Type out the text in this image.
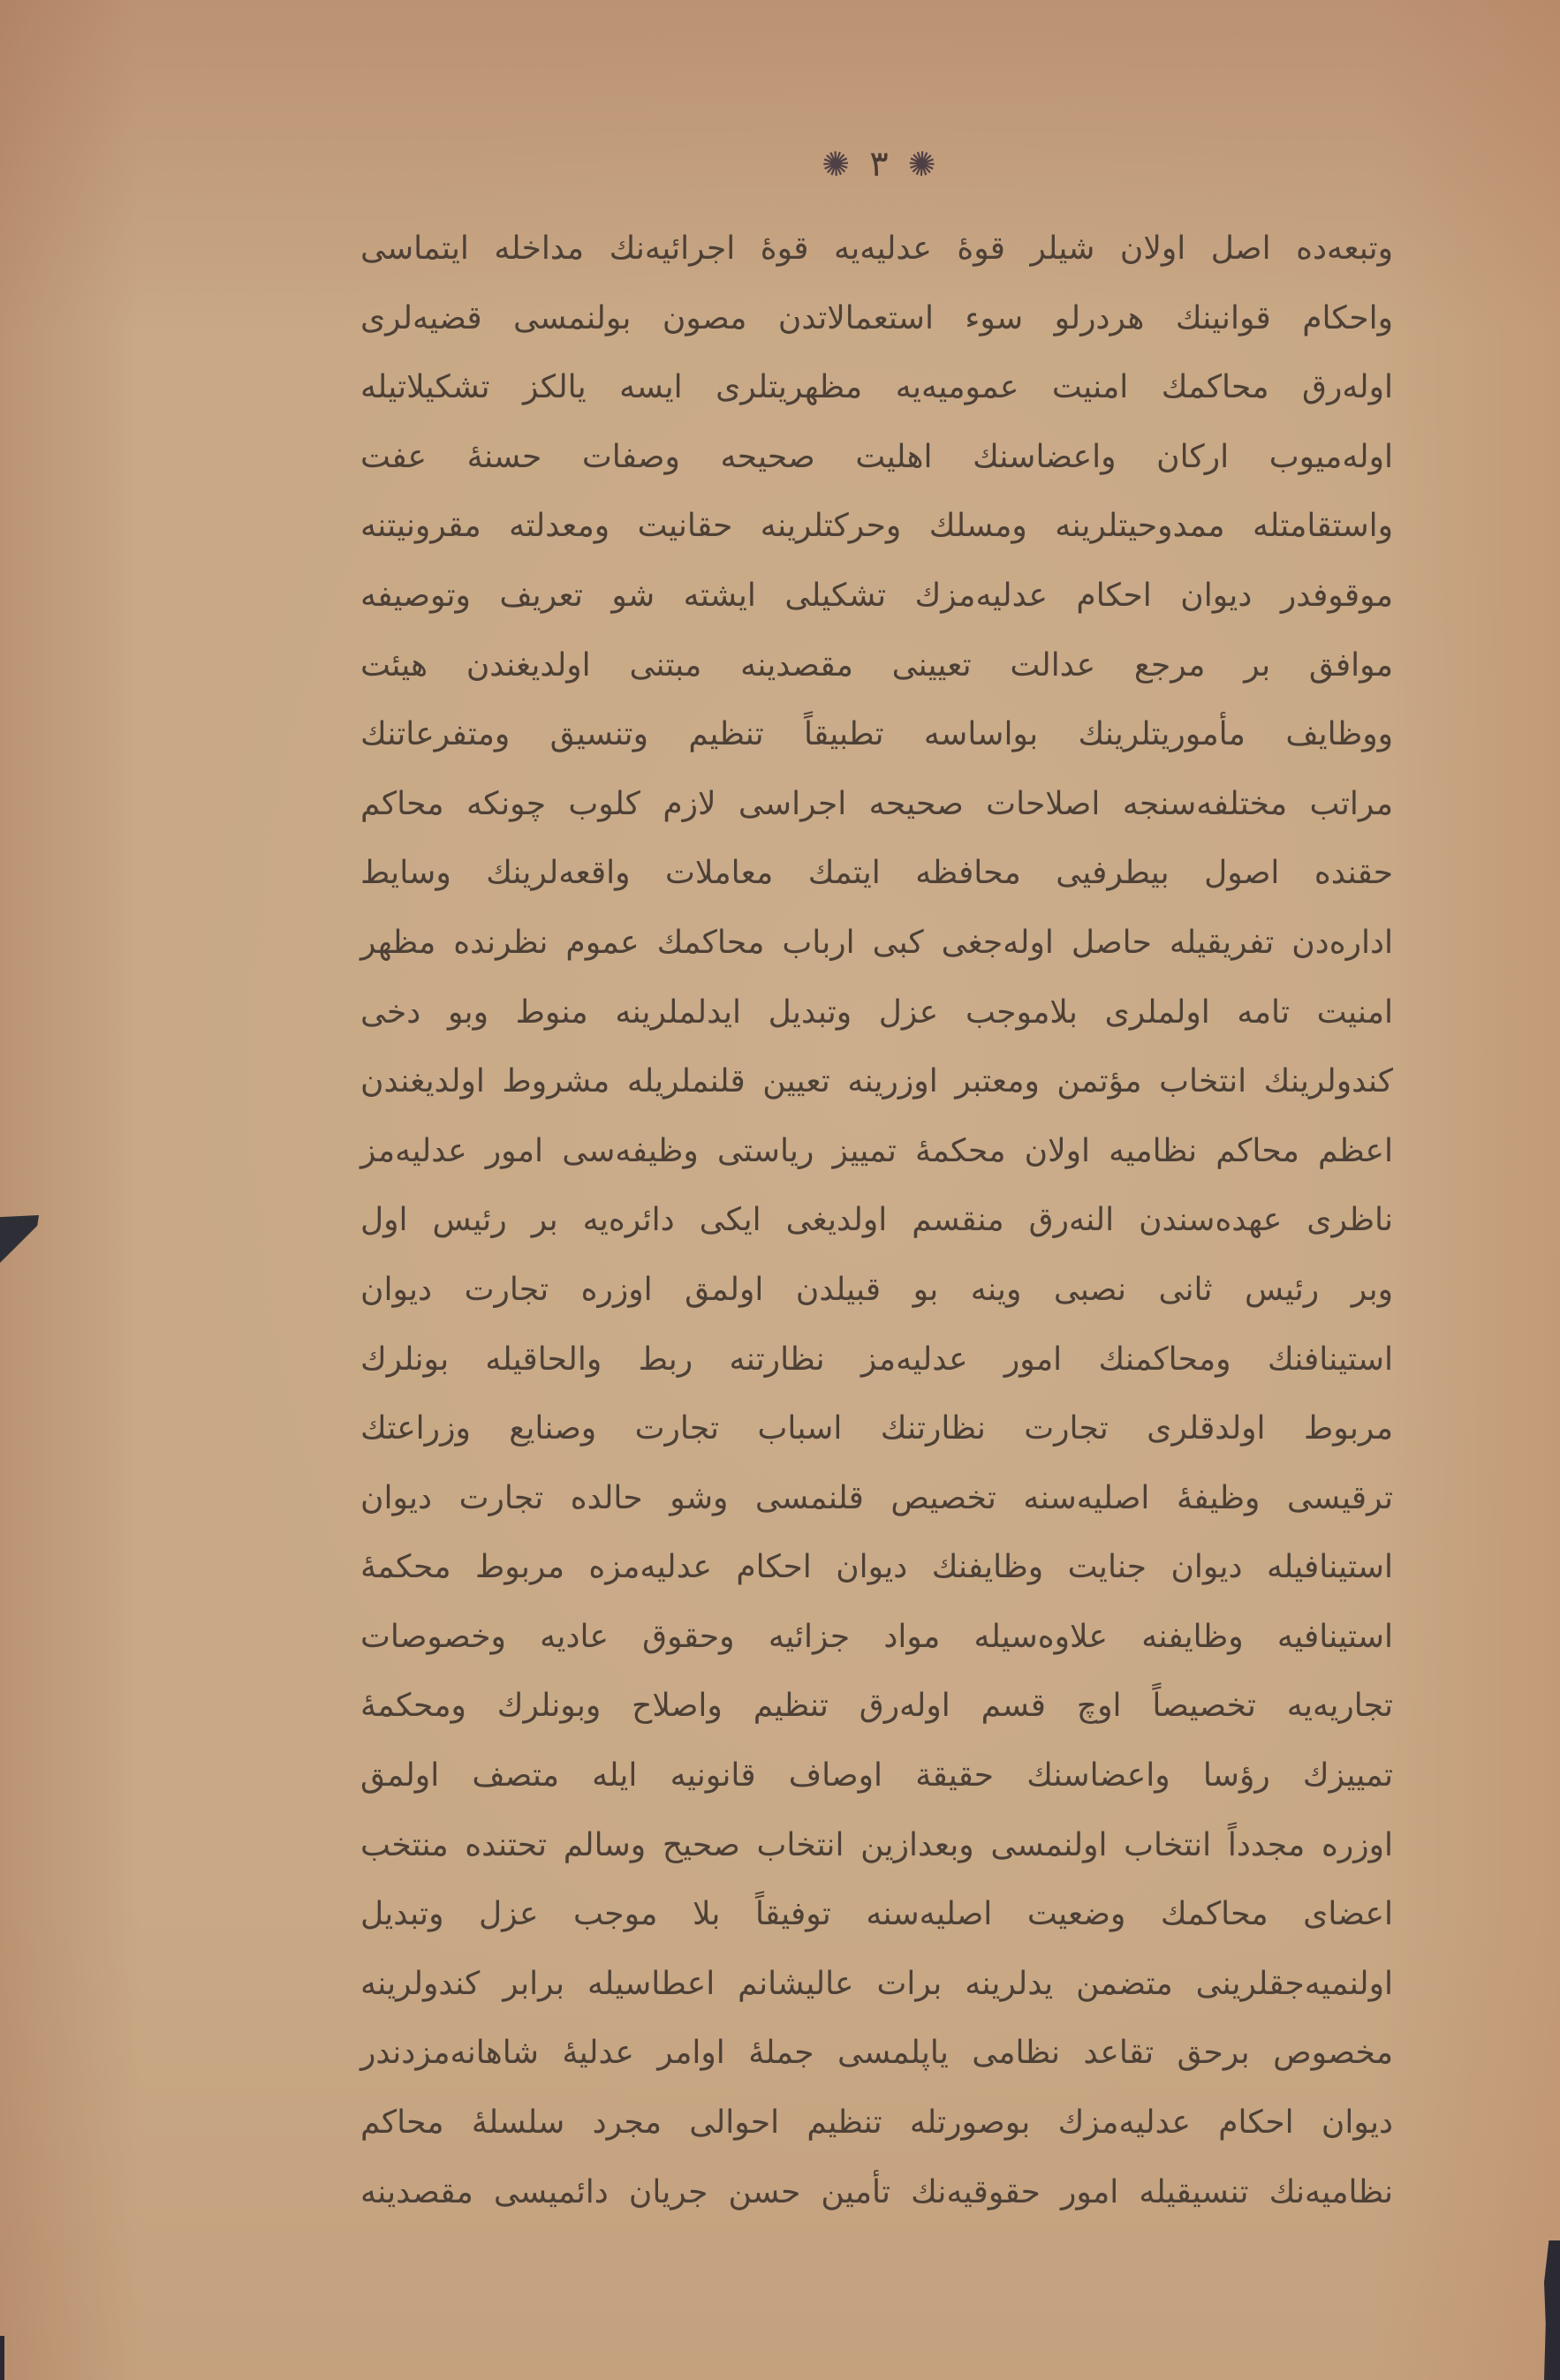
✺
٣
✺
وتبعه‌ده اصل اولان شیلر قوهٔ عدلیه‌یه قوهٔ اجرائیه‌نك مداخله ایتماسی
واحكام قوانینك هردرلو سوء استعمالاتدن مصون بولنمسی قضیه‌لری
اوله‌رق محاكمك امنیت عمومیه‌یه مظهریتلری ایسه یالكز تشكیلاتیله
اوله‌میوب اركان واعضاسنك اهلیت صحیحه وصفات حسنهٔ عفت
واستقامتله ممدوحیتلرینه ومسلك وحركتلرینه حقانیت ومعدلته مقرونیتنه
موقوفدر دیوان احكام عدلیه‌مزك تشكیلی ایشته شو تعریف وتوصیفه
موافق بر مرجع عدالت تعیینی مقصدینه مبتنی اولدیغندن هیئت
ووظایف مأموریتلرینك بواساسه تطبیقاً تنظیم وتنسیق ومتفرعاتنك
مراتب مختلفه‌سنجه اصلاحات صحیحه اجراسی لازم كلوب چونكه محاكم
حقنده اصول بیطرفیی محافظه ایتمك معاملات واقعه‌لرینك وسایط
اداره‌دن تفریقیله حاصل اوله‌جغی كبی ارباب محاكمك عموم نظرنده مظهر
امنیت تامه اولملری بلاموجب عزل وتبدیل ایدلملرینه منوط وبو دخی
كندولرینك انتخاب مؤتمن ومعتبر اوزرینه تعیین قلنملریله مشروط اولدیغندن
اعظم محاكم نظامیه اولان محكمهٔ تمییز ریاستی وظیفه‌سی امور عدلیه‌مز
ناظری عهده‌سندن النه‌رق منقسم اولدیغی ایكی دائره‌یه بر رئیس اول
وبر رئیس ثانی نصبی وینه بو قبیلدن اولمق اوزره تجارت دیوان
استینافنك ومحاكمنك امور عدلیه‌مز نظارتنه ربط والحاقیله بونلرك
مربوط اولدقلری تجارت نظارتنك اسباب تجارت وصنایع وزراعتك
ترقیسی وظیفهٔ اصلیه‌سنه تخصیص قلنمسی وشو حالده تجارت دیوان
استینافیله دیوان جنایت وظایفنك دیوان احكام عدلیه‌مزه مربوط محكمهٔ
استینافیه وظایفنه علاوه‌سیله مواد جزائیه وحقوق عادیه وخصوصات
تجاریه‌یه تخصیصاً اوچ قسم اوله‌رق تنظیم واصلاح وبونلرك ومحكمهٔ
تمییزك رؤسا واعضاسنك حقیقة اوصاف قانونیه ایله متصف اولمق
اوزره مجدداً انتخاب اولنمسی وبعدازین انتخاب صحیح وسالم تحتنده منتخب
اعضای محاكمك وضعیت اصلیه‌سنه توفیقاً بلا موجب عزل وتبدیل
اولنمیه‌جقلرینی متضمن یدلرینه برات عالیشانم اعطاسیله برابر كندولرینه
مخصوص برحق تقاعد نظامی یاپلمسی جملهٔ اوامر عدلیهٔ شاهانه‌مزدندر
دیوان احكام عدلیه‌مزك بوصورتله تنظیم احوالی مجرد سلسلهٔ محاكم
نظامیه‌نك تنسیقیله امور حقوقیه‌نك تأمین حسن جریان دائمیسی مقصدینه
